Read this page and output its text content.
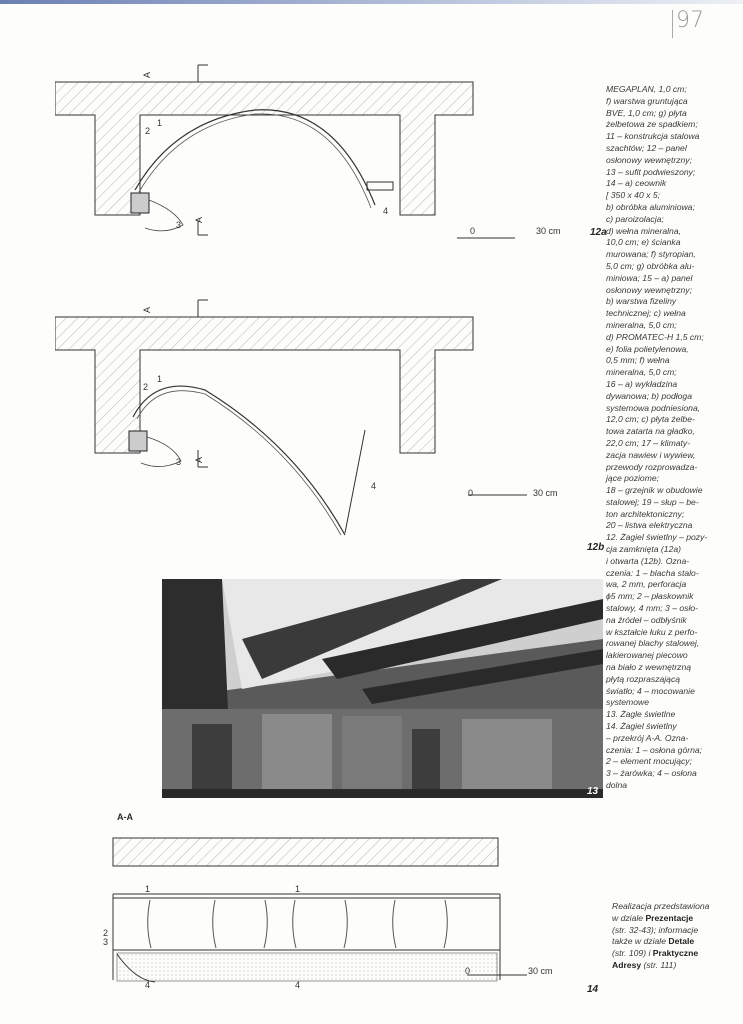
97
A
A
1
2
3
4
0	30 cm	12a
A
A
1
2
3
4
0	30 cm
12b
13
A-A
1	1
2
3
4	4
0	30 cm
14
MEGAPLAN, 1,0 cm;
f) warstwa gruntująca
BVE, 1,0 cm; g) płyta
żelbetowa ze spadkiem;
11 – konstrukcja stalowa
szachtów; 12 – panel
osłonowy wewnętrzny;
13 – sufit podwieszony;
14 – a) ceownik
[ 350 x 40 x 5;
b) obróbka aluminiowa;
c) paroizolacja;
d) wełna mineralna,
10,0 cm; e) ścianka
murowana; f) styropian,
5,0 cm; g) obróbka alu-
miniowa; 15 – a) panel
osłonowy wewnętrzny;
b) warstwa fizeliny
technicznej; c) wełna
mineralna, 5,0 cm;
d) PROMATEC-H 1,5 cm;
e) folia polietylenowa,
0,5 mm; f) wełna
mineralna, 5,0 cm;
16 – a) wykładzina
dywanowa; b) podłoga
systemowa podniesiona,
12,0 cm; c) płyta żelbe-
towa zatarta na gładko,
22,0 cm; 17 – klimaty-
zacja nawiew i wywiew,
przewody rozprowadza-
jące poziome;
18 – grzejnik w obudowie
stalowej; 19 – słup – be-
ton architektoniczny;
20 – listwa elektryczna
12. Żagiel świetlny – pozy-
cja zamknięta (12a)
i otwarta (12b). Ozna-
czenia: 1 – blacha stalo-
wa, 2 mm, perforacja
ϕ5 mm; 2 – płaskownik
stalowy, 4 mm; 3 – osło-
na źródeł – odbłyśnik
w kształcie łuku z perfo-
rowanej blachy stalowej,
lakierowanej piecowo
na biało z wewnętrzną
płytą rozpraszającą
światło; 4 – mocowanie
systemowe
13. Żagle świetlne
14. Żagiel świetlny
– przekrój A-A. Ozna-
czenia: 1 – osłona górna;
2 – element mocujący;
3 – żarówka; 4 – osłona
dolna
Realizacja przedstawiona
w dziale Prezentacje
(str. 32-43); informacje
także w dziale Detale
(str. 109) i Praktyczne
Adresy (str. 111)
